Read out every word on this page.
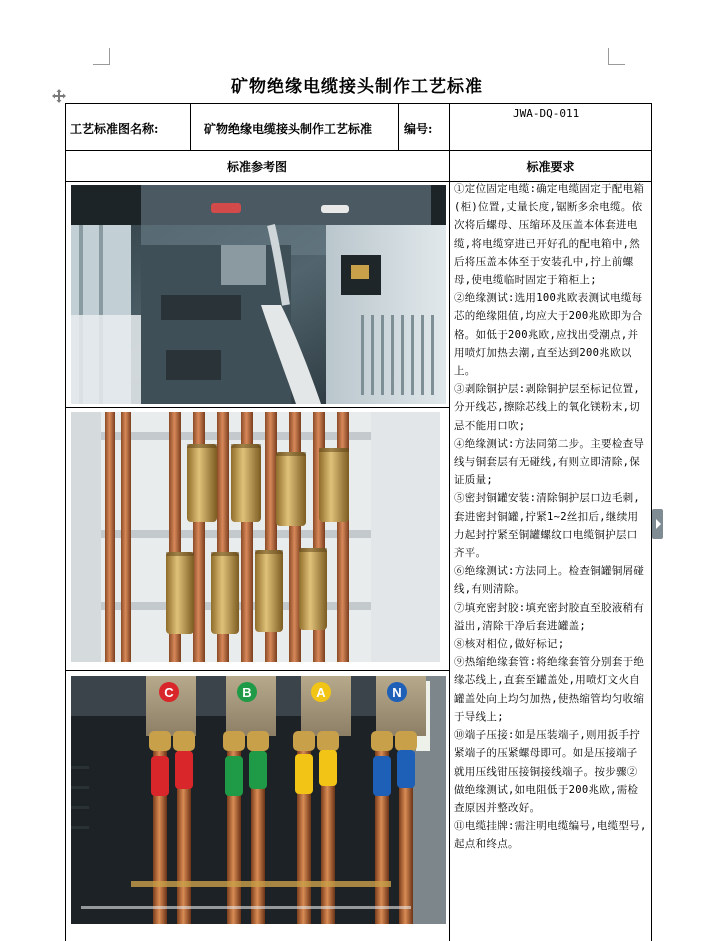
矿物绝缘电缆接头制作工艺标准
工艺标准图名称:	矿物绝缘电缆接头制作工艺标准	编号:
JWA-DQ-011
标准参考图	标准要求
C	B	A	N

①定位固定电缆:确定电缆固定于配电箱(柜)位置,丈量长度,锯断多余电缆。依次将后螺母、压缩环及压盖本体套进电缆,将电缆穿进已开好孔的配电箱中,然后将压盖本体至于安装孔中,拧上前螺母,使电缆临时固定于箱柜上;

②绝缘测试:选用100兆欧表测试电缆每芯的绝缘阻值,均应大于200兆欧即为合格。如低于200兆欧,应找出受潮点,并用喷灯加热去潮,直至达到200兆欧以上。

③剥除铜护层:剥除铜护层至标记位置,分开线芯,擦除芯线上的氧化镁粉末,切忌不能用口吹;

④绝缘测试:方法同第二步。主要检查导线与铜套层有无碰线,有则立即清除,保证质量;

⑤密封铜罐安装:清除铜护层口边毛刺,套进密封铜罐,拧紧1~2丝扣后,继续用力起封拧紧至铜罐螺纹口电缆铜护层口齐平。

⑥绝缘测试:方法同上。检查铜罐铜屑碰线,有则清除。

⑦填充密封胶:填充密封胶直至胶液稍有溢出,清除干净后套进罐盖;

⑧核对相位,做好标记;

⑨热缩绝缘套管:将绝缘套管分别套于绝缘芯线上,直套至罐盖处,用喷灯文火自罐盖处向上均匀加热,使热缩管均匀收缩于导线上;

⑩端子压接:如是压装端子,则用扳手拧紧端子的压紧螺母即可。如是压接端子就用压线钳压接铜接线端子。按步骤②做绝缘测试,如电阻低于200兆欧,需检查原因并整改好。

⑪电缆挂牌:需注明电缆编号,电缆型号,起点和终点。
